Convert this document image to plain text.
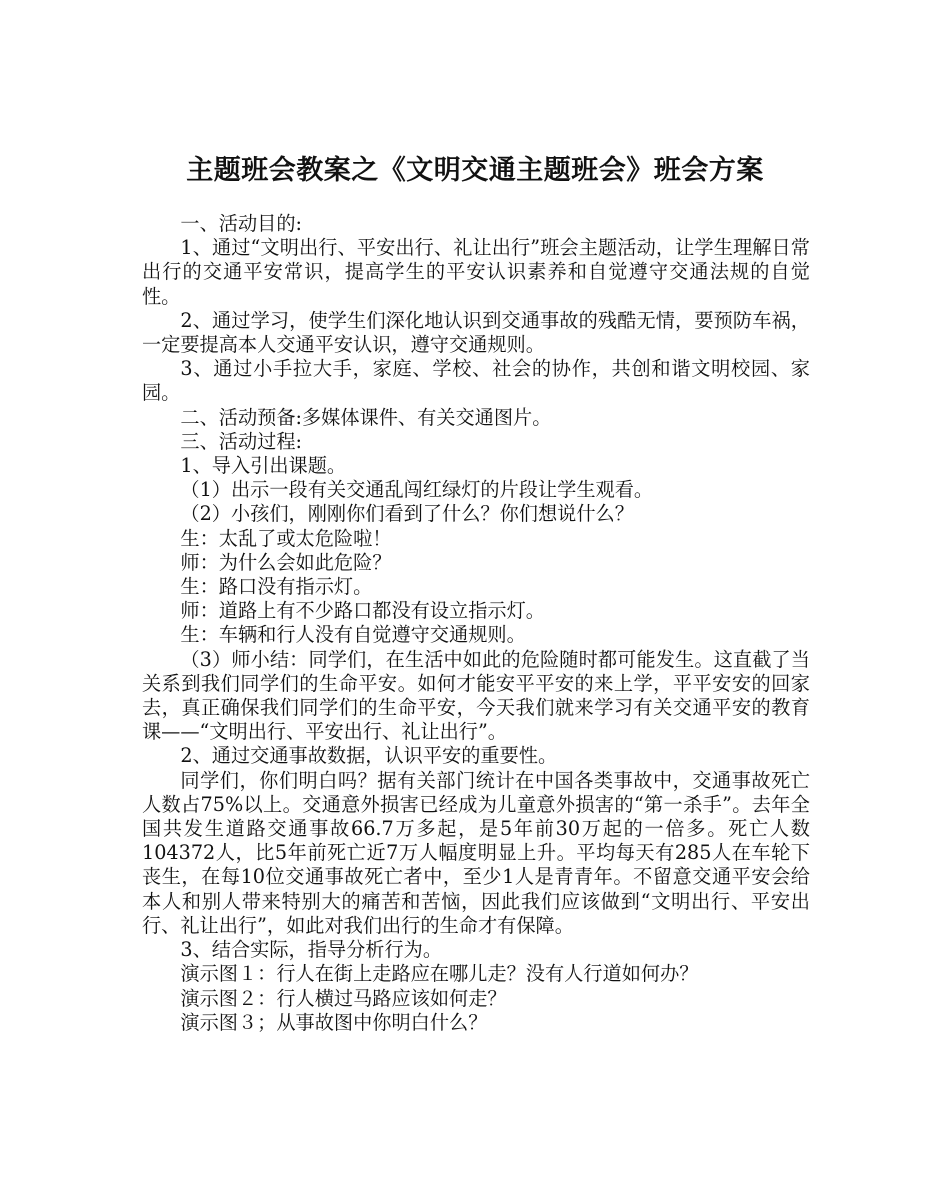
主题班会教案之《文明交通主题班会》班会方案

一、活动目的:

1、通过“文明出行、平安出行、礼让出行”班会主题活动，让学生理解日常出行的交通平安常识，提高学生的平安认识素养和自觉遵守交通法规的自觉性。

2、通过学习，使学生们深化地认识到交通事故的残酷无情，要预防车祸，一定要提高本人交通平安认识，遵守交通规则。

3、通过小手拉大手，家庭、学校、社会的协作，共创和谐文明校园、家园。

二、活动预备:多媒体课件、有关交通图片。

三、活动过程:

1、导入引出课题。

（1）出示一段有关交通乱闯红绿灯的片段让学生观看。

（2）小孩们，刚刚你们看到了什么？你们想说什么？

生：太乱了或太危险啦！

师：为什么会如此危险？

生：路口没有指示灯。

师：道路上有不少路口都没有设立指示灯。

生：车辆和行人没有自觉遵守交通规则。

（3）师小结：同学们，在生活中如此的危险随时都可能发生。这直截了当关系到我们同学们的生命平安。如何才能安平平安的来上学，平平安安的回家去，真正确保我们同学们的生命平安，今天我们就来学习有关交通平安的教育课——“文明出行、平安出行、礼让出行”。

2、通过交通事故数据，认识平安的重要性。

同学们，你们明白吗？据有关部门统计在中国各类事故中，交通事故死亡人数占75%以上。交通意外损害已经成为儿童意外损害的“第一杀手”。去年全国共发生道路交通事故66.7万多起，是5年前30万起的一倍多。死亡人数104372人，比5年前死亡近7万人幅度明显上升。平均每天有285人在车轮下丧生，在每10位交通事故死亡者中，至少1人是青青年。不留意交通平安会给本人和别人带来特别大的痛苦和苦恼，因此我们应该做到“文明出行、平安出行、礼让出行”，如此对我们出行的生命才有保障。

3、结合实际，指导分析行为。

演示图１：行人在街上走路应在哪儿走？没有人行道如何办？

演示图２：行人横过马路应该如何走？

演示图３；从事故图中你明白什么？
